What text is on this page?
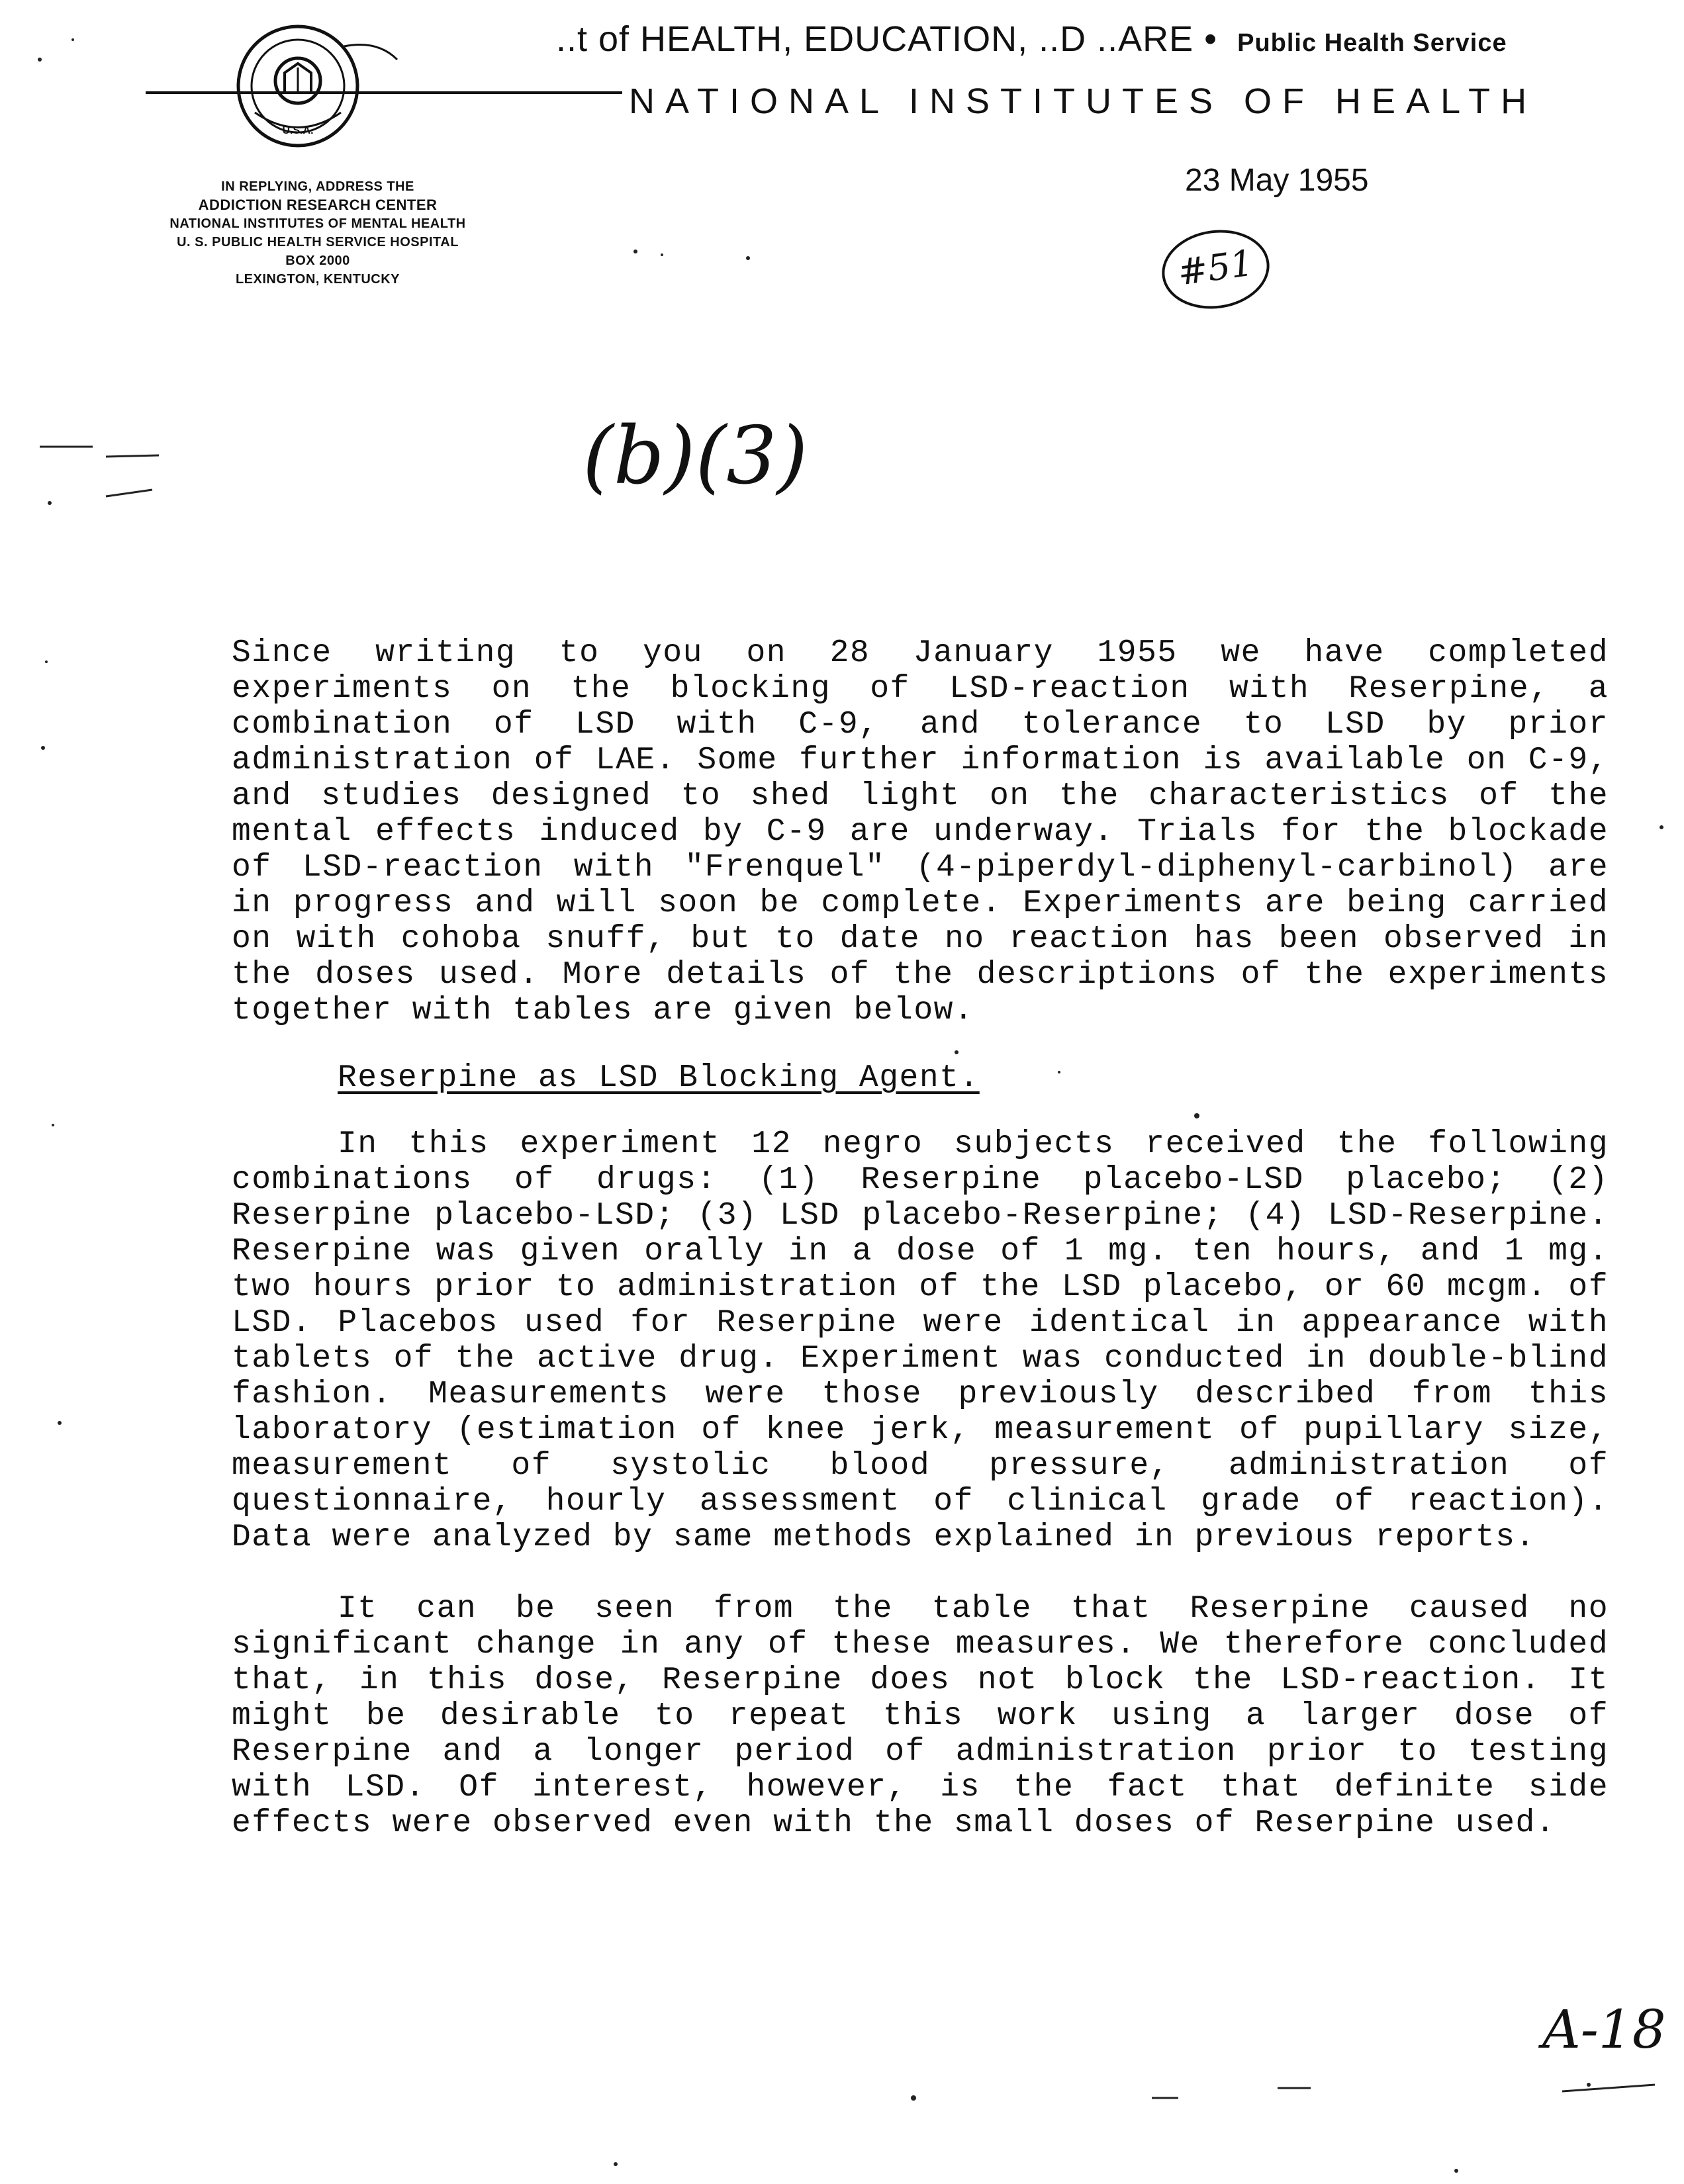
U.S.A.
..t of HEALTH, EDUCATION, ..D ..ARE • Public Health Service
NATIONAL INSTITUTES OF HEALTH
IN REPLYING, ADDRESS THE
ADDICTION RESEARCH CENTER
NATIONAL INSTITUTES OF MENTAL HEALTH
U. S. PUBLIC HEALTH SERVICE HOSPITAL
BOX 2000
LEXINGTON, KENTUCKY
23 May 1955
#51
(b)(3)

Since writing to you on 28 January 1955 we have completed experiments on the blocking of LSD-reaction with Reserpine, a combination of LSD with C-9, and tolerance to LSD by prior administration of LAE. Some further information is available on C-9, and studies designed to shed light on the characteristics of the mental effects induced by C-9 are underway. Trials for the blockade of LSD-reaction with "Frenquel" (4-piperdyl-diphenyl-carbinol) are in progress and will soon be complete. Experiments are being carried on with cohoba snuff, but to date no reaction has been observed in the doses used. More details of the descriptions of the experiments together with tables are given below.

Reserpine as LSD Blocking Agent.

In this experiment 12 negro subjects received the following combinations of drugs: (1) Reserpine placebo-LSD placebo; (2) Reserpine placebo-LSD; (3) LSD placebo-Reserpine; (4) LSD-Reserpine. Reserpine was given orally in a dose of 1 mg. ten hours, and 1 mg. two hours prior to administration of the LSD placebo, or 60 mcgm. of LSD. Placebos used for Reserpine were identical in appearance with tablets of the active drug. Experiment was conducted in double-blind fashion. Measurements were those previously described from this laboratory (estimation of knee jerk, measurement of pupillary size, measurement of systolic blood pressure, administration of questionnaire, hourly assessment of clinical grade of reaction). Data were analyzed by same methods explained in previous reports.

It can be seen from the table that Reserpine caused no significant change in any of these measures. We therefore concluded that, in this dose, Reserpine does not block the LSD-reaction. It might be desirable to repeat this work using a larger dose of Reserpine and a longer period of administration prior to testing with LSD. Of interest, however, is the fact that definite side effects were observed even with the small doses of Reserpine used.

A-18
